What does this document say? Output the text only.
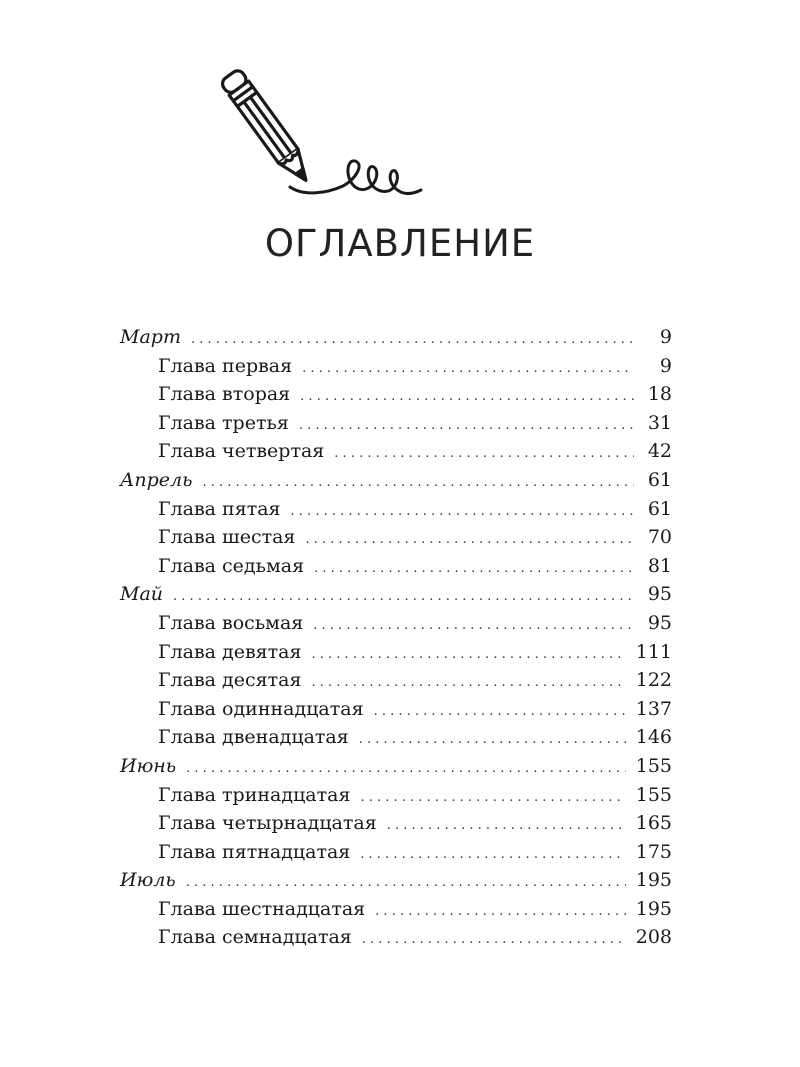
ОГЛАВЛЕНИЕ
Март . . .	9
Глава первая . . .	9
Глава вторая . . .	18
Глава третья . . .	31
Глава четвертая . . .	42
Апрель . . .	61
Глава пятая . . .	61
Глава шестая . . .	70
Глава седьмая . . .	81
Май . . .	95
Глава восьмая . . .	95
Глава девятая . . .	111
Глава десятая . . .	122
Глава одиннадцатая . . .	137
Глава двенадцатая . . .	146
Июнь . . .	155
Глава тринадцатая . . .	155
Глава четырнадцатая . . .	165
Глава пятнадцатая . . .	175
Июль . . .	195
Глава шестнадцатая . . .	195
Глава семнадцатая . . .	208
